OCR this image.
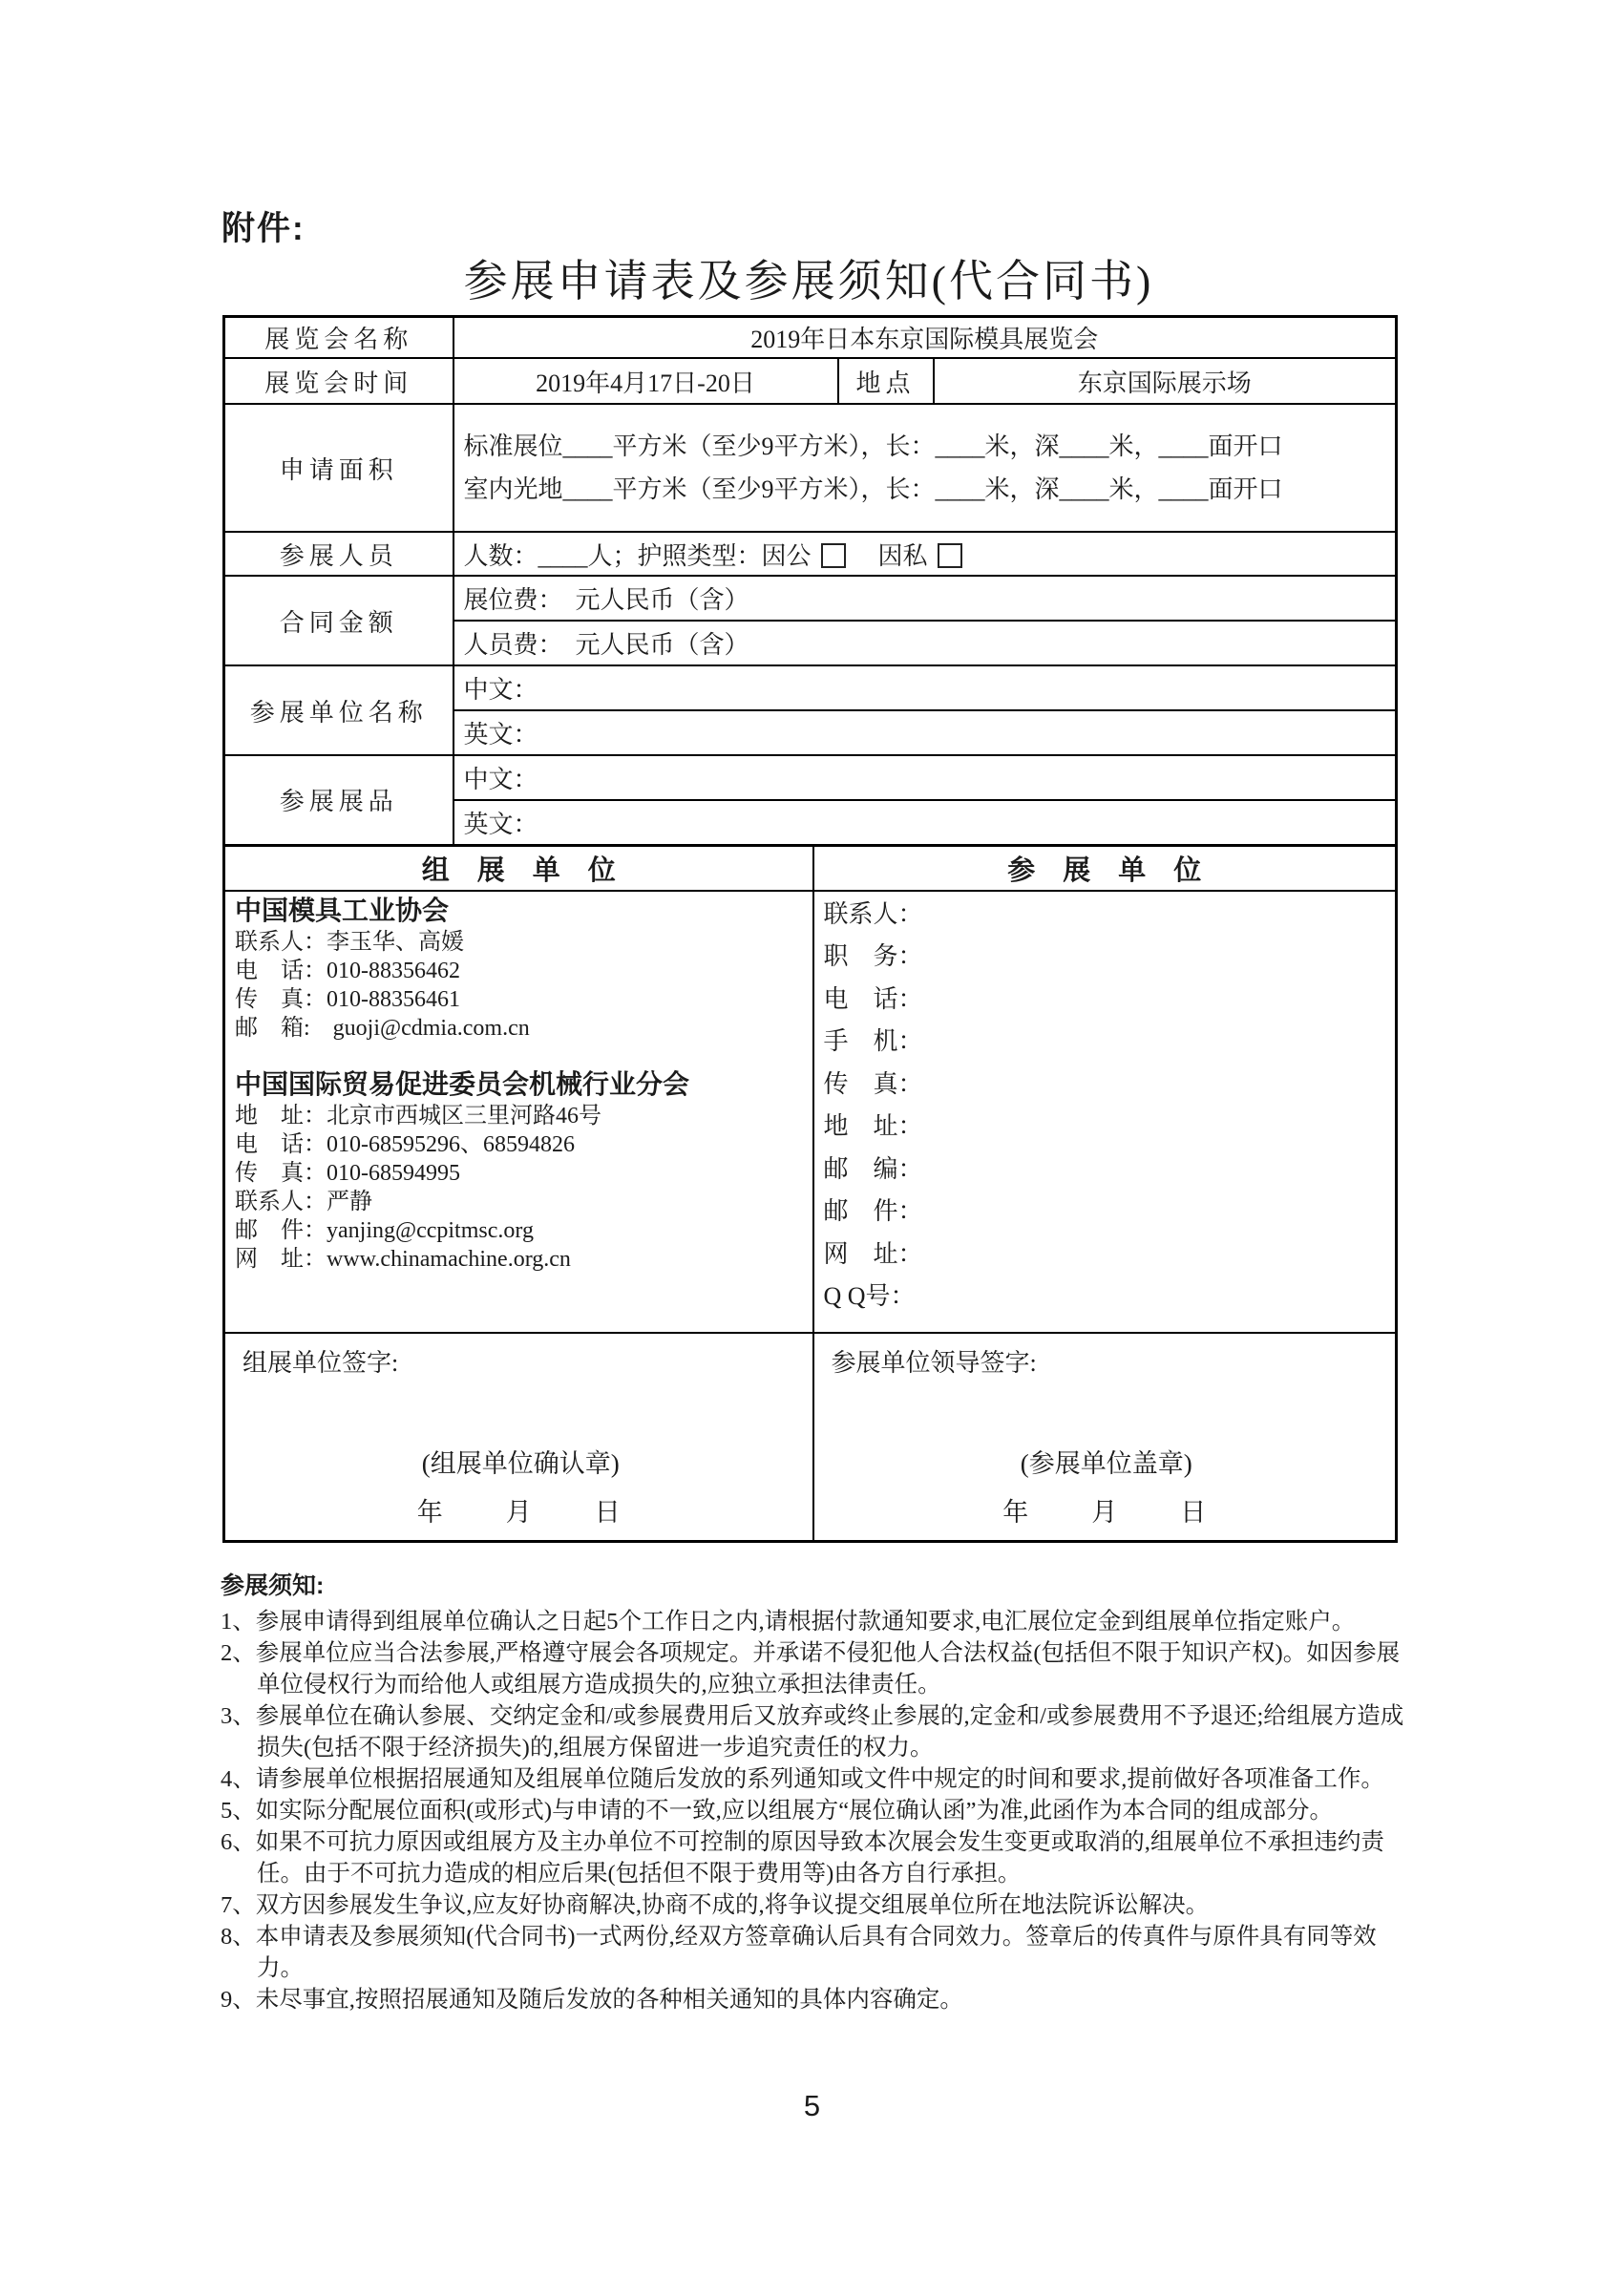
附件:
参展申请表及参展须知(代合同书)
展览会名称	2019年日本东京国际模具展览会			
展览会时间	2019年4月17日-20日		地点	东京国际展示场
申请面积	标准展位____平方米（至少9平方米），长：____米，深____米，____面开口
室内光地____平方米（至少9平方米），长：____米，深____米，____面开口			

参展人员	人数：____人；护照类型：因公 因私			
合同金额	展位费：　元人民币（含）			
	人员费：　元人民币（含）			
参展单位名称	中文：			
	英文：			
参展展品	中文：			
	英文：			
组　展　单　位		参　展　单　位		

中国模具工业协会
联系人：李玉华、高媛
电　话：010-88356462
传　真：010-88356461
邮　箱:　guoji@cdmia.com.cn
中国国际贸易促进委员会机械行业分会
地　址：北京市西城区三里河路46号
电　话：010-68595296、68594826
传　真：010-68594995
联系人：严静
邮　件：yanjing@ccpitmsc.org
网　址：www.chinamachine.org.cn

联系人：
职　务：
电　话：
手　机：
传　真：
地　址：
邮　编：
邮　件：
网　址：
Q Q号：

组展单位签字:
(组展单位确认章)
年　　月　　日

参展单位领导签字:
(参展单位盖章)
年　　月　　日
参展须知:
1、参展申请得到组展单位确认之日起5个工作日之内,请根据付款通知要求,电汇展位定金到组展单位指定账户。
2、参展单位应当合法参展,严格遵守展会各项规定。并承诺不侵犯他人合法权益(包括但不限于知识产权)。如因参展单位侵权行为而给他人或组展方造成损失的,应独立承担法律责任。
3、参展单位在确认参展、交纳定金和/或参展费用后又放弃或终止参展的,定金和/或参展费用不予退还;给组展方造成损失(包括不限于经济损失)的,组展方保留进一步追究责任的权力。
4、请参展单位根据招展通知及组展单位随后发放的系列通知或文件中规定的时间和要求,提前做好各项准备工作。
5、如实际分配展位面积(或形式)与申请的不一致,应以组展方“展位确认函”为准,此函作为本合同的组成部分。
6、如果不可抗力原因或组展方及主办单位不可控制的原因导致本次展会发生变更或取消的,组展单位不承担违约责任。由于不可抗力造成的相应后果(包括但不限于费用等)由各方自行承担。
7、双方因参展发生争议,应友好协商解决,协商不成的,将争议提交组展单位所在地法院诉讼解决。
8、本申请表及参展须知(代合同书)一式两份,经双方签章确认后具有合同效力。签章后的传真件与原件具有同等效力。
9、未尽事宜,按照招展通知及随后发放的各种相关通知的具体内容确定。
5
